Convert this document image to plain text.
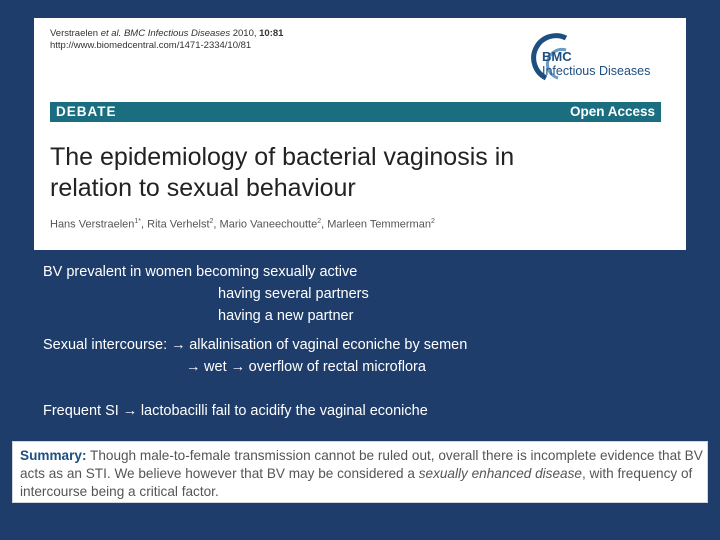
Verstraelen et al. BMC Infectious Diseases 2010, 10:81
http://www.biomedcentral.com/1471-2334/10/81
BMC
Infectious Diseases
DEBATE	Open Access
The epidemiology of bacterial vaginosis in
relation to sexual behaviour
Hans Verstraelen$^{1*}$, Rita Verhelst$^2$, Mario Vaneechoutte$^2$, Marleen Temmerman$^2$
BV prevalent in women becoming sexually active
having several partners
having a new partner
Sexual intercourse: → alkalinisation of vaginal econiche by semen
→ wet → overflow of rectal microflora
Frequent SI → lactobacilli fail to acidify the vaginal econiche
Summary: Though male-to-female transmission cannot be ruled out, overall there is incomplete evidence that BV acts as an STI. We believe however that BV may be considered a sexually enhanced disease, with frequency of intercourse being a critical factor.
